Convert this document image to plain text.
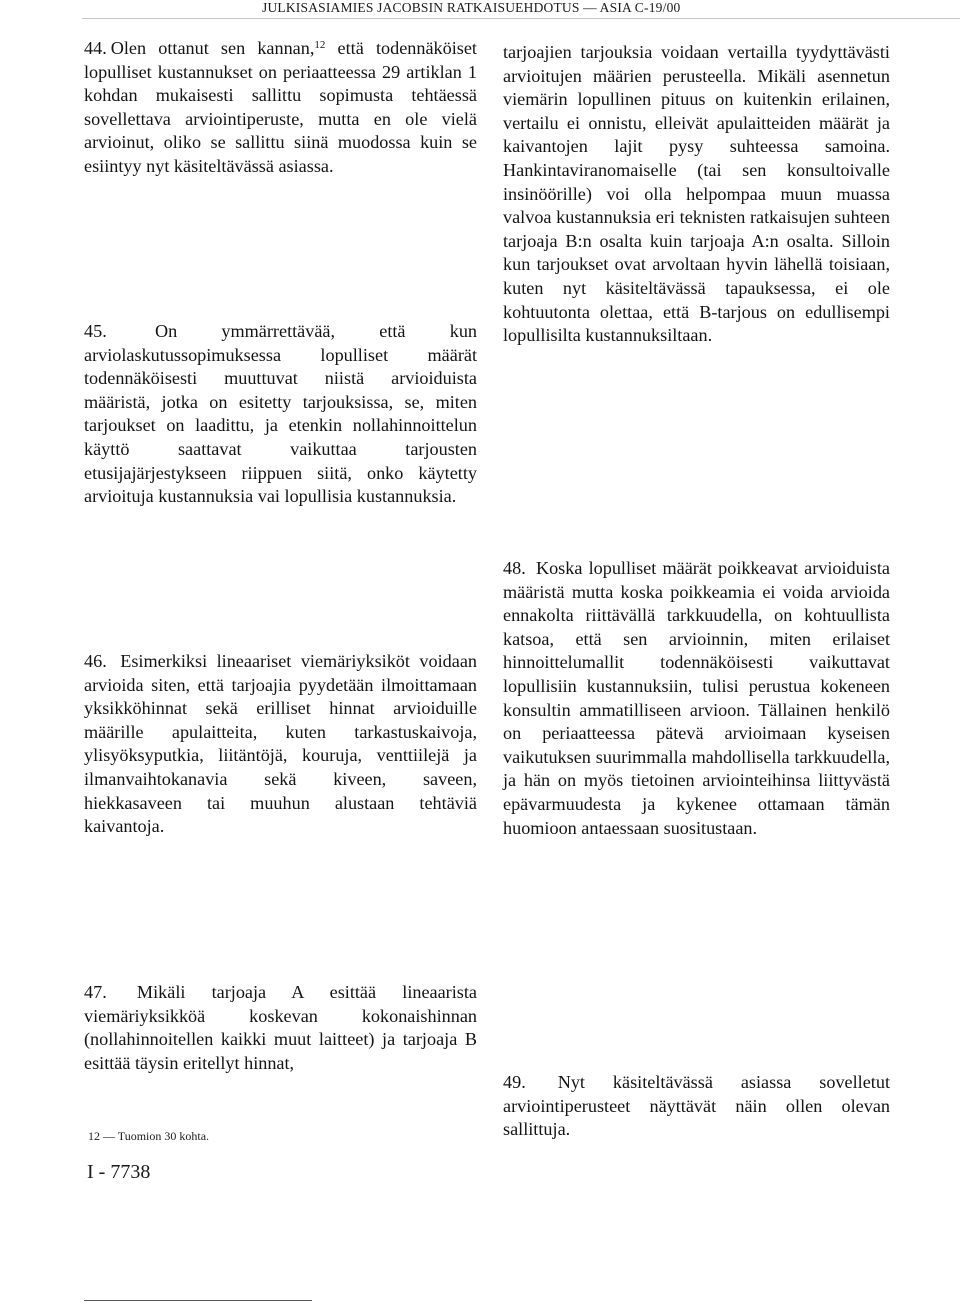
JULKISASIAMIES JACOBSIN RATKAISUEHDOTUS — ASIA C-19/00

44. Olen ottanut sen kannan,$^{12}$ että todennäköiset lopulliset kustannukset on periaatteessa 29 artiklan 1 kohdan mukaisesti sallittu sopimusta tehtäessä sovellettava arviointiperuste, mutta en ole vielä arvioinut, oliko se sallittu siinä muodossa kuin se esiintyy nyt käsiteltävässä asiassa.

45.	On ymmärrettävää, että kun arviolaskutussopimuksessa lopulliset määrät todennäköisesti muuttuvat niistä arvioiduista määristä, jotka on esitetty tarjouksissa, se, miten tarjoukset on laadittu, ja etenkin nollahinnoittelun käyttö saattavat vaikuttaa tarjousten etusijajärjestykseen riippuen siitä, onko käytetty arvioituja kustannuksia vai lopullisia kustannuksia.

46. Esimerkiksi lineaariset viemäriyksiköt voidaan arvioida siten, että tarjoajia pyydetään ilmoittamaan yksikköhinnat sekä erilliset hinnat arvioiduille määrille apulaitteita, kuten tarkastuskaivoja, ylisyöksyputkia, liitäntöjä, kouruja, venttiilejä ja ilmanvaihtokanavia sekä kiveen, saveen, hiekkasaveen tai muuhun alustaan tehtäviä kaivantoja.

47. Mikäli tarjoaja A esittää lineaarista viemäriyksikköä koskevan kokonaishinnan (nollahinnoitellen kaikki muut laitteet) ja tarjoaja B esittää täysin eritellyt hinnat,

12 — Tuomion 30 kohta.
I - 7738

tarjoajien tarjouksia voidaan vertailla tyydyttävästi arvioitujen määrien perusteella. Mikäli asennetun viemärin lopullinen pituus on kuitenkin erilainen, vertailu ei onnistu, elleivät apulaitteiden määrät ja kaivantojen lajit pysy suhteessa samoina. Hankintaviranomaiselle (tai sen konsultoivalle insinöörille) voi olla helpompaa muun muassa valvoa kustannuksia eri teknisten ratkaisujen suhteen tarjoaja B:n osalta kuin tarjoaja A:n osalta. Silloin kun tarjoukset ovat arvoltaan hyvin lähellä toisiaan, kuten nyt käsiteltävässä tapauksessa, ei ole kohtuutonta olettaa, että B-tarjous on edullisempi lopullisilta kustannuksiltaan.

48. Koska lopulliset määrät poikkeavat arvioiduista määristä mutta koska poikkeamia ei voida arvioida ennakolta riittävällä tarkkuudella, on kohtuullista katsoa, että sen arvioinnin, miten erilaiset hinnoittelumallit todennäköisesti vaikuttavat lopullisiin kustannuksiin, tulisi perustua kokeneen konsultin ammatilliseen arvioon. Tällainen henkilö on periaatteessa pätevä arvioimaan kyseisen vaikutuksen suurimmalla mahdollisella tarkkuudella, ja hän on myös tietoinen arviointeihinsa liittyvästä epävarmuudesta ja kykenee ottamaan tämän huomioon antaessaan suositustaan.

49. Nyt käsiteltävässä asiassa sovelletut arviointiperusteet näyttävät näin ollen olevan sallittuja.
